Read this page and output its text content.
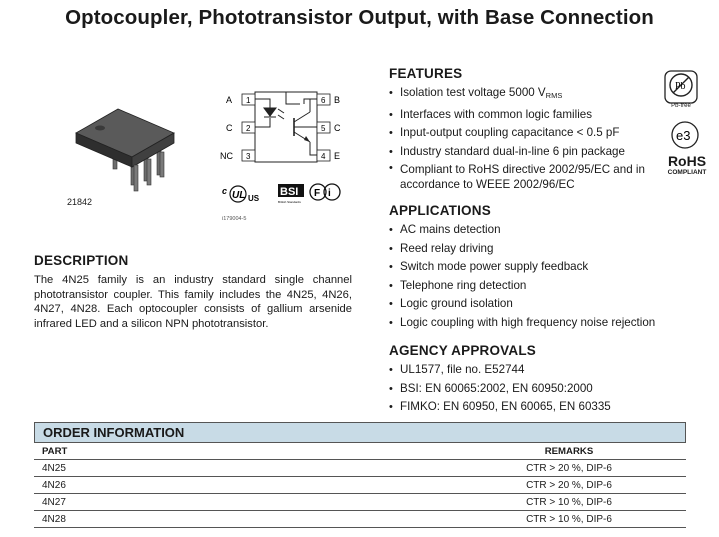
Optocoupler, Phototransistor Output, with Base Connection
21842
A 1
C 2
NC 3
6 B
5 C
4 E
c UL US
BSI
British Standards
F i
i179004-5
FEATURES
• Isolation test voltage 5000 $V_{RMS}$
• Interfaces with common logic families
• Input-output coupling capacitance < 0.5 pF
• Industry standard dual-in-line 6 pin package
• Compliant to RoHS directive 2002/95/EC and in accordance to WEEE 2002/96/EC
Pb
Pb-free
e3
RoHS
COMPLIANT
APPLICATIONS
• AC mains detection
• Reed relay driving
• Switch mode power supply feedback
• Telephone ring detection
• Logic ground isolation
• Logic coupling with high frequency noise rejection
AGENCY APPROVALS
• UL1577, file no. E52744
• BSI: EN 60065:2002, EN 60950:2000
• FIMKO: EN 60950, EN 60065, EN 60335
DESCRIPTION

The 4N25 family is an industry standard single channel phototransistor coupler. This family includes the 4N25, 4N26, 4N27, 4N28. Each optocoupler consists of gallium arsenide infrared LED and a silicon NPN phototransistor.

ORDER INFORMATION
PART	REMARKS
4N25	CTR > 20 %, DIP-6
4N26	CTR > 20 %, DIP-6
4N27	CTR > 10 %, DIP-6
4N28	CTR > 10 %, DIP-6
